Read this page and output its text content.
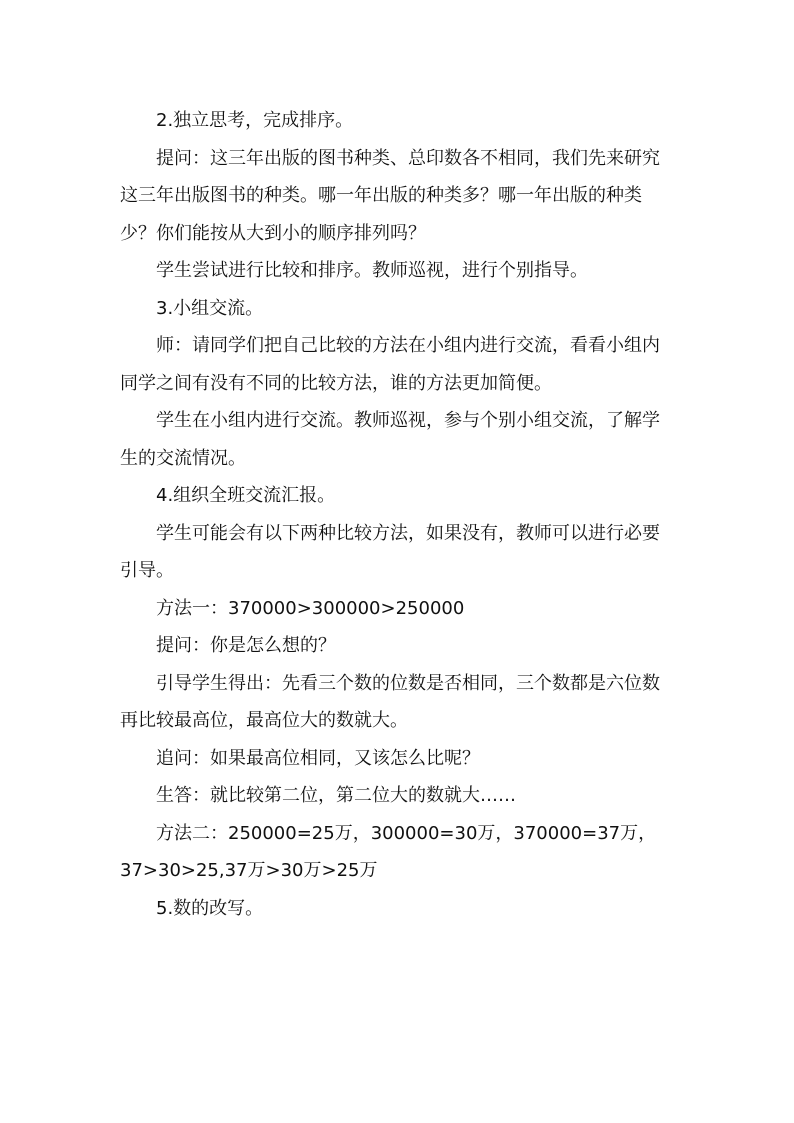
2.独立思考，完成排序。

提问：这三年出版的图书种类、总印数各不相同，我们先来研究

这三年出版图书的种类。哪一年出版的种类多？哪一年出版的种类

少？你们能按从大到小的顺序排列吗？

学生尝试进行比较和排序。教师巡视，进行个别指导。

3.小组交流。

师：请同学们把自己比较的方法在小组内进行交流，看看小组内

同学之间有没有不同的比较方法，谁的方法更加简便。

学生在小组内进行交流。教师巡视，参与个别小组交流，了解学

生的交流情况。

4.组织全班交流汇报。

学生可能会有以下两种比较方法，如果没有，教师可以进行必要

引导。

方法一：370000>300000>250000

提问：你是怎么想的？

引导学生得出：先看三个数的位数是否相同，三个数都是六位数

再比较最高位，最高位大的数就大。

追问：如果最高位相同，又该怎么比呢？

生答：就比较第二位，第二位大的数就大……

方法二：250000=25万，300000=30万，370000=37万，

37>30>25,37万>30万>25万

5.数的改写。
